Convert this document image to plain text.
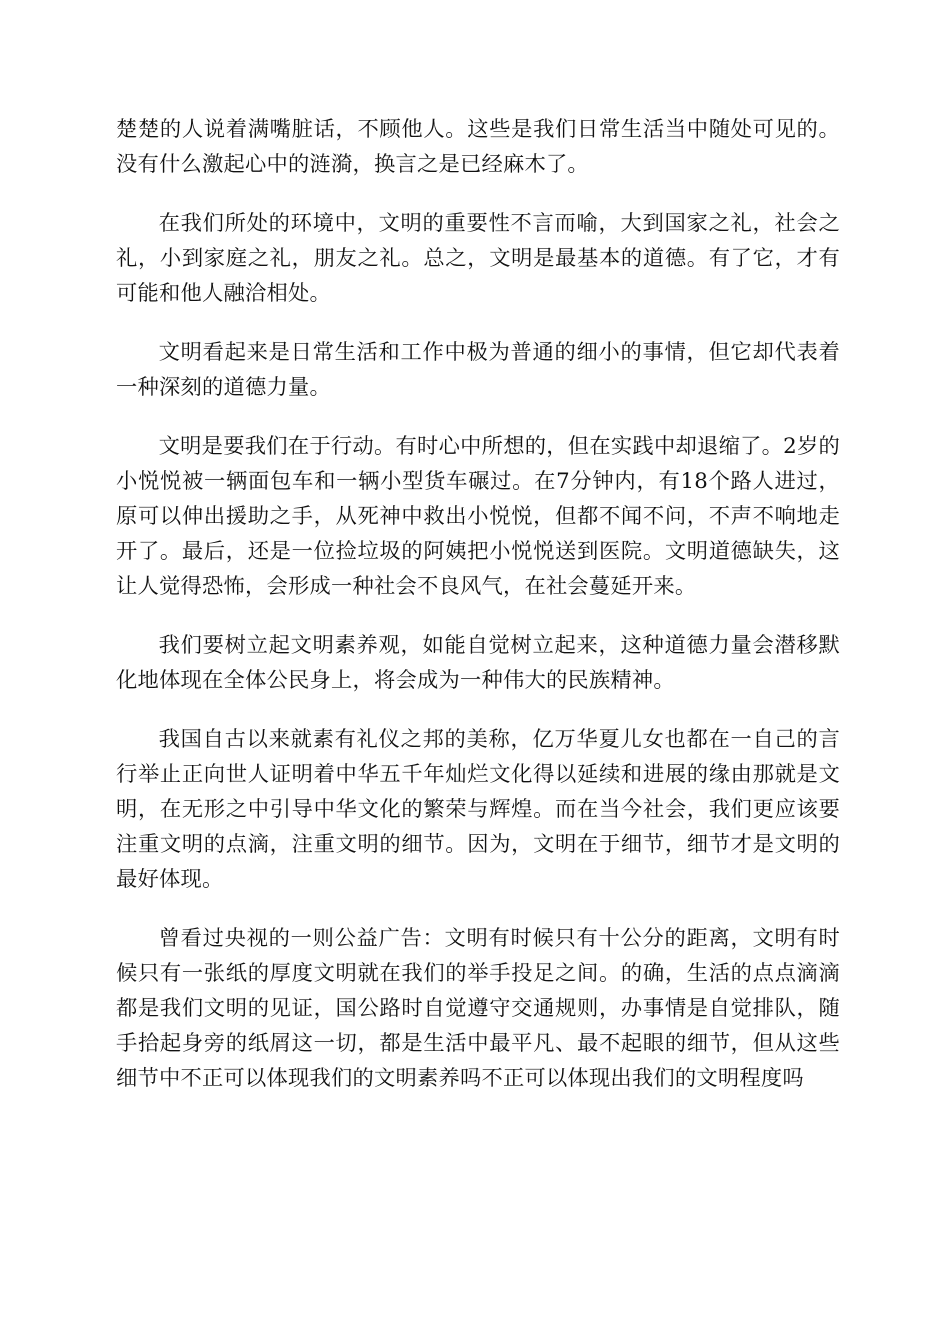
楚楚的人说着满嘴脏话，不顾他人。这些是我们日常生活当中随处可见的。没有什么激起心中的涟漪，换言之是已经麻木了。

在我们所处的环境中，文明的重要性不言而喻，大到国家之礼，社会之礼，小到家庭之礼，朋友之礼。总之，文明是最基本的道德。有了它，才有可能和他人融洽相处。

文明看起来是日常生活和工作中极为普通的细小的事情，但它却代表着一种深刻的道德力量。

文明是要我们在于行动。有时心中所想的，但在实践中却退缩了。2岁的小悦悦被一辆面包车和一辆小型货车碾过。在7分钟内，有18个路人进过，原可以伸出援助之手，从死神中救出小悦悦，但都不闻不问，不声不响地走开了。最后，还是一位捡垃圾的阿姨把小悦悦送到医院。文明道德缺失，这让人觉得恐怖，会形成一种社会不良风气，在社会蔓延开来。

我们要树立起文明素养观，如能自觉树立起来，这种道德力量会潜移默化地体现在全体公民身上，将会成为一种伟大的民族精神。

我国自古以来就素有礼仪之邦的美称，亿万华夏儿女也都在一自己的言行举止正向世人证明着中华五千年灿烂文化得以延续和进展的缘由那就是文明，在无形之中引导中华文化的繁荣与辉煌。而在当今社会，我们更应该要注重文明的点滴，注重文明的细节。因为，文明在于细节，细节才是文明的最好体现。

曾看过央视的一则公益广告：文明有时候只有十公分的距离，文明有时候只有一张纸的厚度文明就在我们的举手投足之间。的确，生活的点点滴滴都是我们文明的见证，国公路时自觉遵守交通规则，办事情是自觉排队，随手拾起身旁的纸屑这一切，都是生活中最平凡、最不起眼的细节，但从这些细节中不正可以体现我们的文明素养吗不正可以体现出我们的文明程度吗
